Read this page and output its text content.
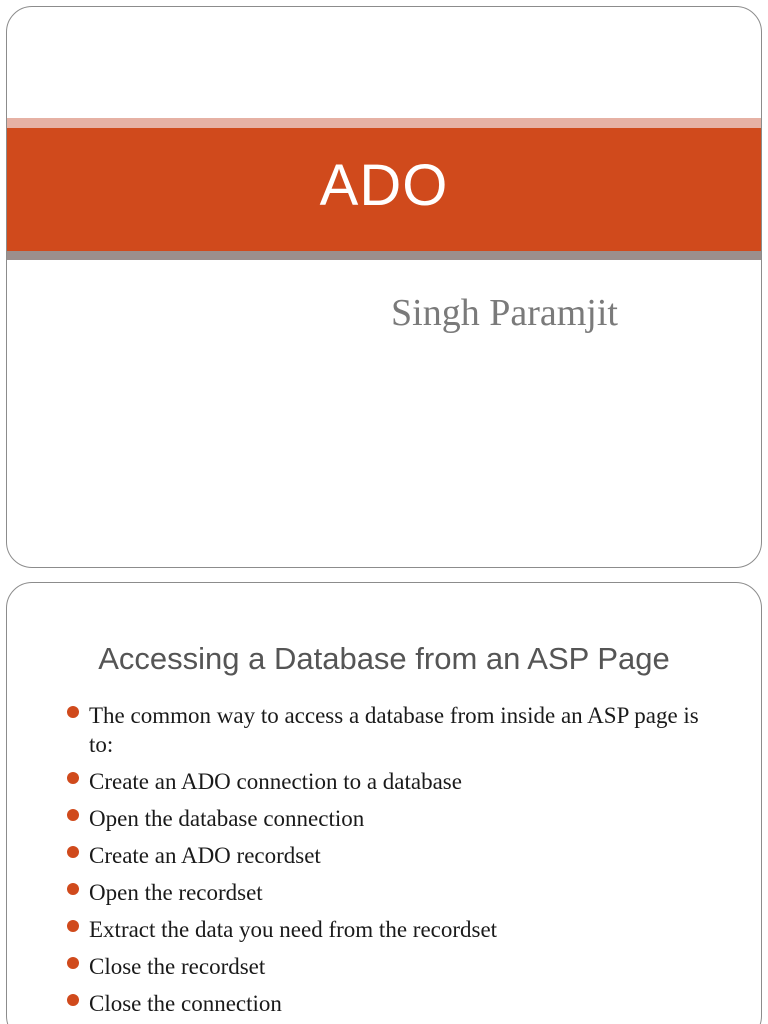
ADO
Singh Paramjit
Accessing a Database from an ASP Page
The common way to access a database from inside an ASP page is to:
Create an ADO connection to a database
Open the database connection
Create an ADO recordset
Open the recordset
Extract the data you need from the recordset
Close the recordset
Close the connection
